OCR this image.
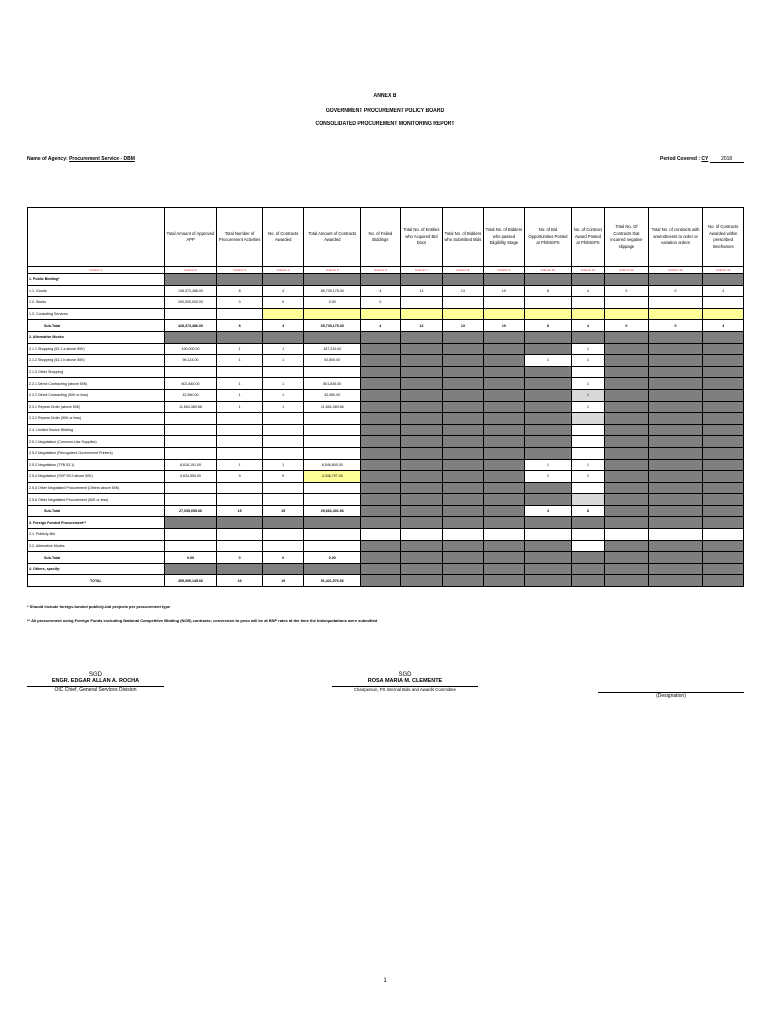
ANNEX B
GOVERNMENT PROCUREMENT POLICY BOARD
CONSOLIDATED PROCUREMENT MONITORING REPORT
Name of Agency: Procurement Service - DBM	Period Covered : CY	2018
	Total Amount of Approved APP	Total Number of Procurement Activities	No. of Contracts Awarded	Total Amount of Contracts Awarded	No. of Failed Biddings	Total No. of Entities who Acquired Bid Docs	Total No. of Bidders who Submitted Bids	Total No. of Bidders who passed Eligibility Stage	No. of Bid Opportunities Posted at PhilGEPS	No. of Contract Award Posted at PhilGEPS	Total No. Of Contracts that incurred negative slippage	Total No. of contracts with amendments to order or variation orders	No. of Contracts Awarded within prescribed timeframes
Column 1	Column 2	Column 3	Column 4	Column 5	Column 6	Column 7	Column 8	Column 9	Column 10	Column 11	Column 12	Column 13	Column 14
1. Public Bidding*													
1.1. Goods	138,373,486.00	8	4	65,739,175.00	4	13	13	10	8	4	0	0	4
1.2. Works	290,000,000.00	0	0	0.00	0								
1.3. Consulting Services													
Sub-Total	428,373,486.00	8	4	65,739,175.00	4	13	13	10	8	4	0	0	4
2. Alternative Modes													
2.1.1 Shopping (52.1 a above 50K)	190,000.00	1	1	187,210.00						1			
2.1.2 Shopping (52.1 b above 50K)	96,124.00	1	1	92,800.00					1	1			
2.1.3 Other Shopping													
2.2.1 Direct Contracting (above 50K)	801,845.00	1	1	801,845.00						1			
2.2.2 Direct Contracting (50K or less)	42,560.00	1	1	42,560.00						1			
2.3.1 Repeat Order (above 50K)	11,654,389.66	1	1	11,654,389.66						1			
2.3.2 Repeat Order (50K or less)													
2.4. Limited Source Bidding													
2.5.1 Negotiation (Common-Use Supplies)													
2.5.2 Negotiation (Recognized Government Printers)													
2.5.3 Negotiation (TFB 53.1)	8,616,191.00	1	1	8,546,800.00					1	1			
2.5.4 Negotiation (SVP 53.9 above 50K)	5,634,550.00	9	9	4,336,797.00					2	2			
2.5.5 Other Negotiated Procurement (Others above 50K)													
2.5.6 Other Negotiated Procurement (50K or less)													
Sub-Total	27,035,659.66	15	15	25,662,401.66					4	8			
3. Foreign Funded Procurement**													
3.1. Publicly-Bid													
3.2. Alternative Modes													
Sub-Total	0.00	0	0	0.00									
4. Others, specify:													
TOTAL	455,399,145.66	23	19	91,421,576.66									
* Should include foreign-funded publicly-bid projects per procurement type
** All procurement using Foreign Funds excluding National Competitive Bidding (NCB) contracts; conversion to peso will be at BSP rates at the time the bids/quotations were submitted
SGD
ENGR. EDGAR ALLAN A. ROCHA
OIC Chief, General Services Division
SGD
ROSA MARIA M. CLEMENTE
Chairperson, PS Internal Bids and Awards Committee
(Designation)
1
